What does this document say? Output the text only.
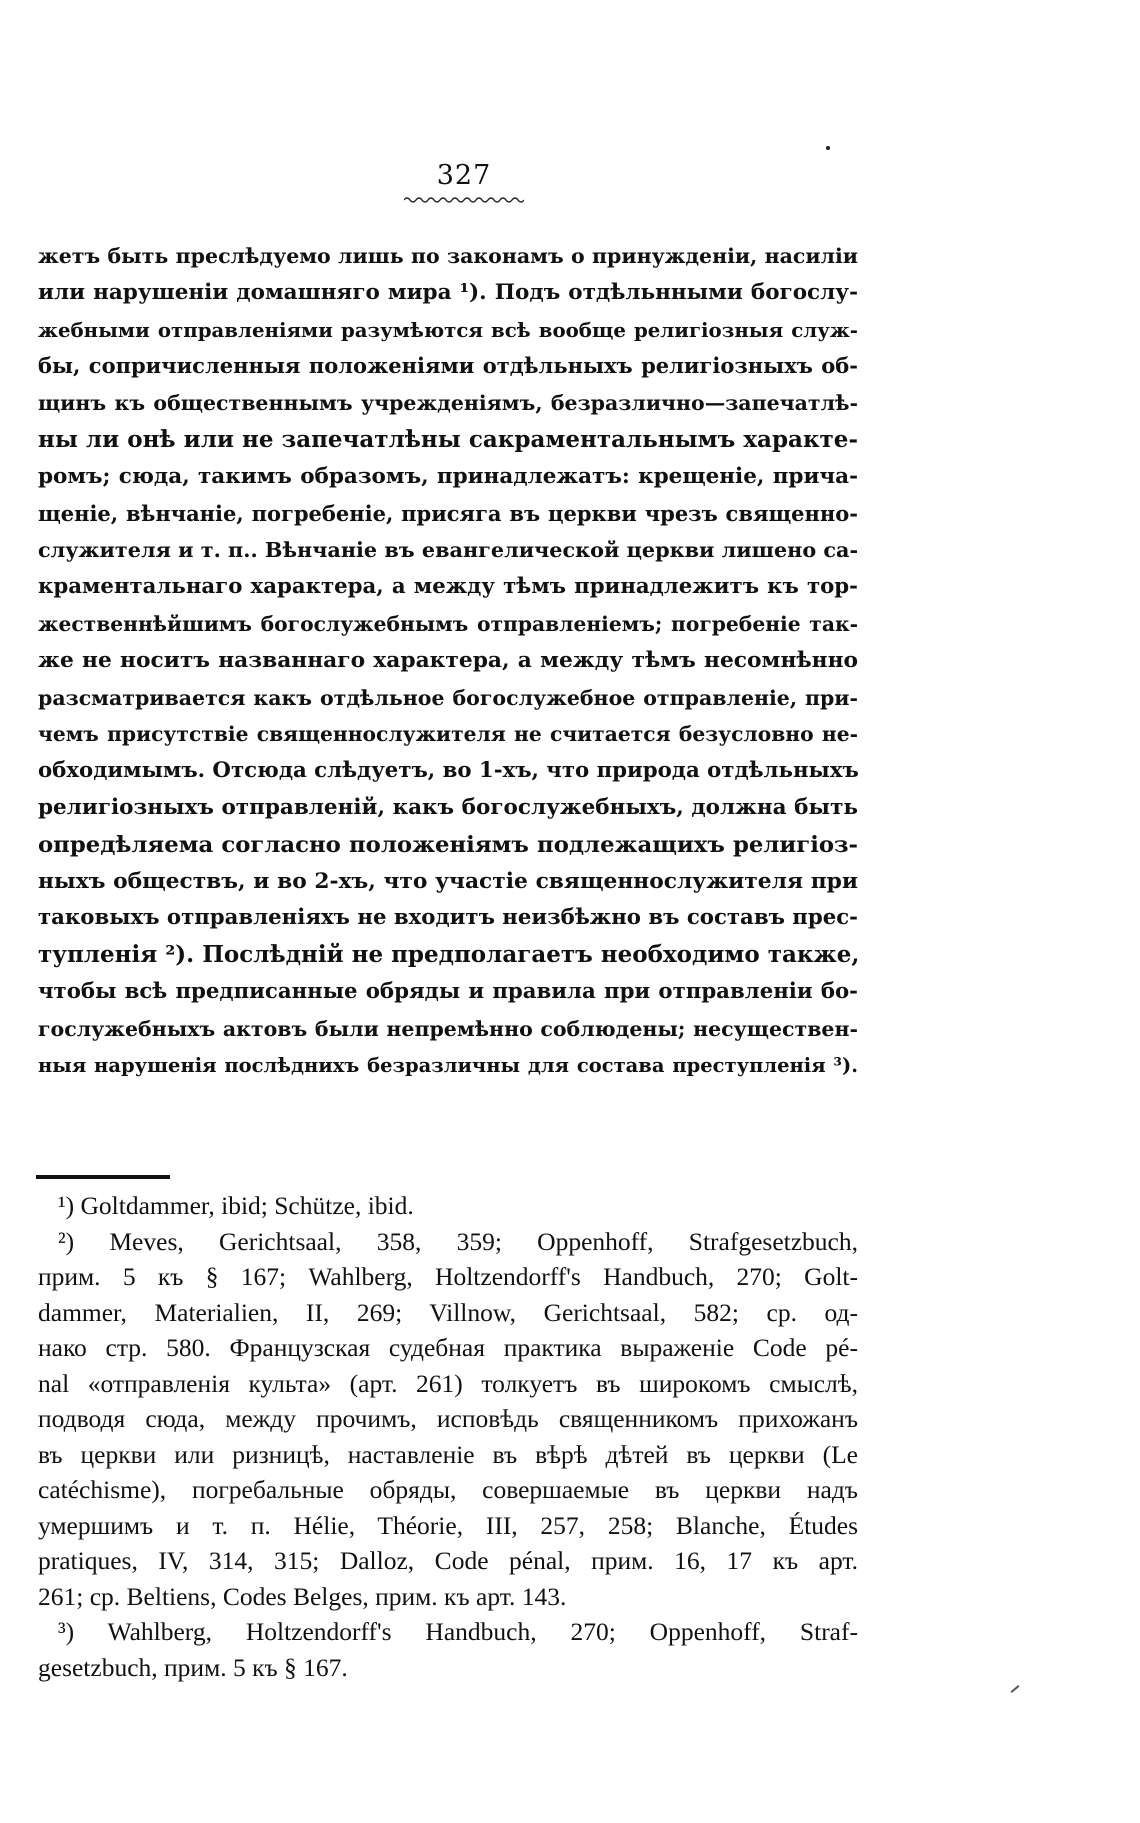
327
жетъ быть преслѣдуемо лишь по законамъ о принужденіи, насиліи
или нарушеніи домашняго мира ¹). Подъ отдѣльнными богослу-
жебными отправленіями разумѣются всѣ вообще религіозныя служ-
бы, сопричисленныя положеніями отдѣльныхъ религіозныхъ об-
щинъ къ общественнымъ учрежденіямъ, безразлично—запечатлѣ-
ны ли онѣ или не запечатлѣны сакраментальнымъ характе-
ромъ; сюда, такимъ образомъ, принадлежатъ: крещеніе, прича-
щеніе, вѣнчаніе, погребеніе, присяга въ церкви чрезъ священно-
служителя и т. п.. Вѣнчаніе въ евангелической церкви лишено са-
краментальнаго характера, а между тѣмъ принадлежитъ къ тор-
жественнѣйшимъ богослужебнымъ отправленіемъ; погребеніе так-
же не носитъ названнаго характера, а между тѣмъ несомнѣнно
разсматривается какъ отдѣльное богослужебное отправленіе, при-
чемъ присутствіе священнослужителя не считается безусловно не-
обходимымъ. Отсюда слѣдуетъ, во 1-хъ, что природа отдѣльныхъ
религіозныхъ отправленій, какъ богослужебныхъ, должна быть
опредѣляема согласно положеніямъ подлежащихъ религіоз-
ныхъ обществъ, и во 2-хъ, что участіе священнослужителя при
таковыхъ отправленіяхъ не входитъ неизбѣжно въ составъ прес-
тупленія ²). Послѣдній не предполагаетъ необходимо также,
чтобы всѣ предписанные обряды и правила при отправленіи бо-
гослужебныхъ актовъ были непремѣнно соблюдены; несуществен-
ныя нарушенія послѣднихъ безразличны для состава преступленія ³).
¹) Goltdammer, ibid; Schütze, ibid.
²) Meves, Gerichtsaal, 358, 359; Oppenhoff, Strafgesetzbuch,
прим. 5 къ § 167; Wahlberg, Holtzendorff's Handbuch, 270; Golt-
dammer, Materialien, II, 269; Villnow, Gerichtsaal, 582; ср. од-
нако стр. 580. Французская судебная практика выраженіе Code pé-
nal «отправленія культа» (арт. 261) толкуетъ въ широкомъ смыслѣ,
подводя сюда, между прочимъ, исповѣдь священникомъ прихожанъ
въ церкви или ризницѣ, наставленіе въ вѣрѣ дѣтей въ церкви (Le
catéchisme), погребальные обряды, совершаемые въ церкви надъ
умершимъ и т. п. Hélie, Théorie, III, 257, 258; Blanche, Études
pratiques, IV, 314, 315; Dalloz, Code pénal, прим. 16, 17 къ арт.
261; ср. Beltiens, Codes Belges, прим. къ арт. 143.
³) Wahlberg, Holtzendorff's Handbuch, 270; Oppenhoff, Straf-
gesetzbuch, прим. 5 къ § 167.
